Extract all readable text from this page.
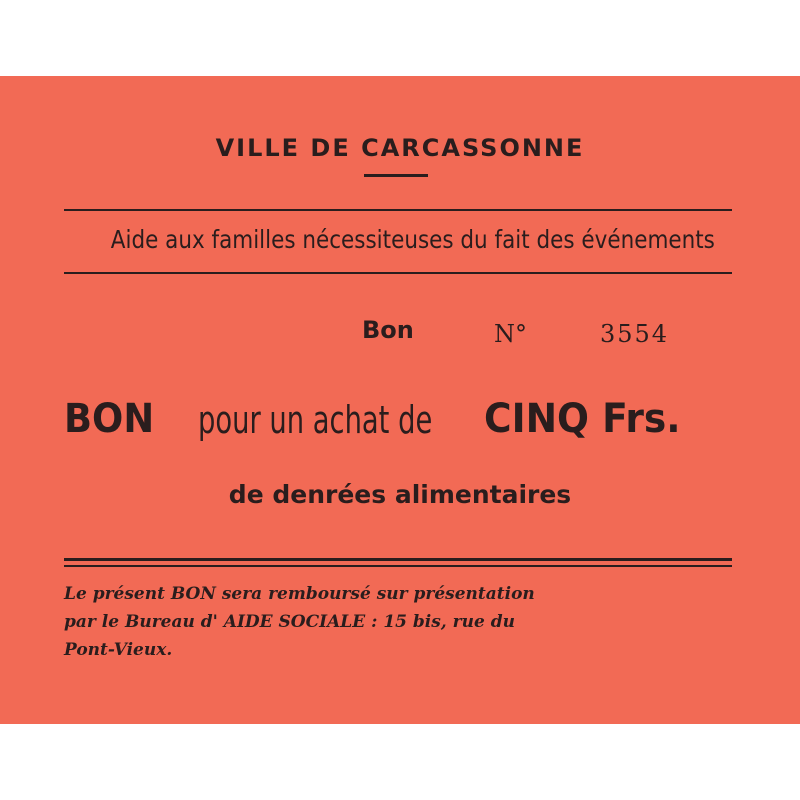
VILLE DE CARCASSONNE
Aide aux familles nécessiteuses du fait des événements
Bon	N°	3554
BON pour un achat de CINQ Frs.
de denrées alimentaires

Le présent BON sera remboursé sur présentation

par le Bureau d' AIDE SOCIALE : 15 bis, rue du

Pont-Vieux.
